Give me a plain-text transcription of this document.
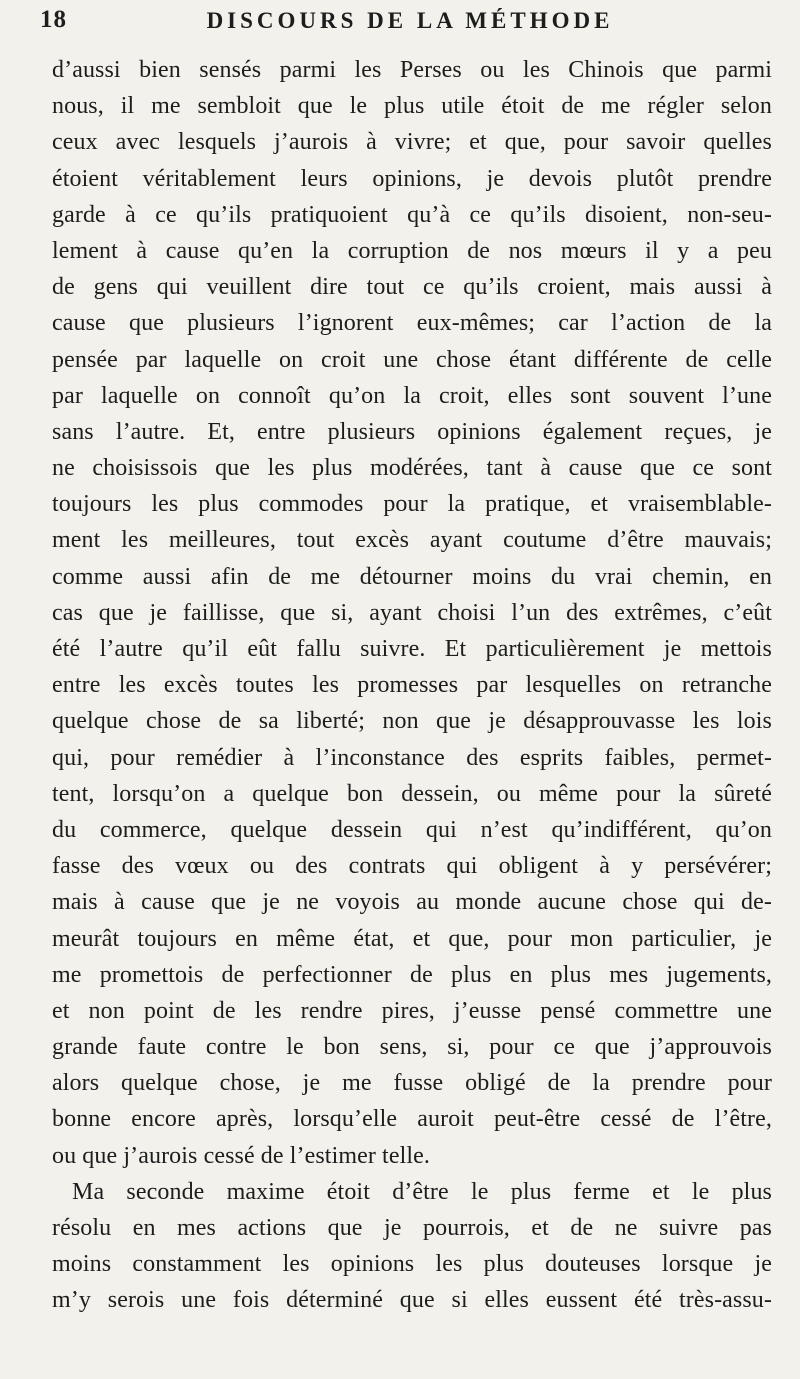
18	DISCOURS DE LA MÉTHODE
d’aussi bien sensés parmi les Perses ou les Chinois que parmi
nous, il me sembloit que le plus utile étoit de me régler selon
ceux avec lesquels j’aurois à vivre; et que, pour savoir quelles
étoient véritablement leurs opinions, je devois plutôt prendre
garde à ce qu’ils pratiquoient qu’à ce qu’ils disoient, non-seu-
lement à cause qu’en la corruption de nos mœurs il y a peu
de gens qui veuillent dire tout ce qu’ils croient, mais aussi à
cause que plusieurs l’ignorent eux-mêmes; car l’action de la
pensée par laquelle on croit une chose étant différente de celle
par laquelle on connoît qu’on la croit, elles sont souvent l’une
sans l’autre. Et, entre plusieurs opinions également reçues, je
ne choisissois que les plus modérées, tant à cause que ce sont
toujours les plus commodes pour la pratique, et vraisemblable-
ment les meilleures, tout excès ayant coutume d’être mauvais;
comme aussi afin de me détourner moins du vrai chemin, en
cas que je faillisse, que si, ayant choisi l’un des extrêmes, c’eût
été l’autre qu’il eût fallu suivre. Et particulièrement je mettois
entre les excès toutes les promesses par lesquelles on retranche
quelque chose de sa liberté; non que je désapprouvasse les lois
qui, pour remédier à l’inconstance des esprits faibles, permet-
tent, lorsqu’on a quelque bon dessein, ou même pour la sûreté
du commerce, quelque dessein qui n’est qu’indifférent, qu’on
fasse des vœux ou des contrats qui obligent à y persévérer;
mais à cause que je ne voyois au monde aucune chose qui de-
meurât toujours en même état, et que, pour mon particulier, je
me promettois de perfectionner de plus en plus mes jugements,
et non point de les rendre pires, j’eusse pensé commettre une
grande faute contre le bon sens, si, pour ce que j’approuvois
alors quelque chose, je me fusse obligé de la prendre pour
bonne encore après, lorsqu’elle auroit peut-être cessé de l’être,
ou que j’aurois cessé de l’estimer telle.
Ma seconde maxime étoit d’être le plus ferme et le plus
résolu en mes actions que je pourrois, et de ne suivre pas
moins constamment les opinions les plus douteuses lorsque je
m’y serois une fois déterminé que si elles eussent été très-assu-
